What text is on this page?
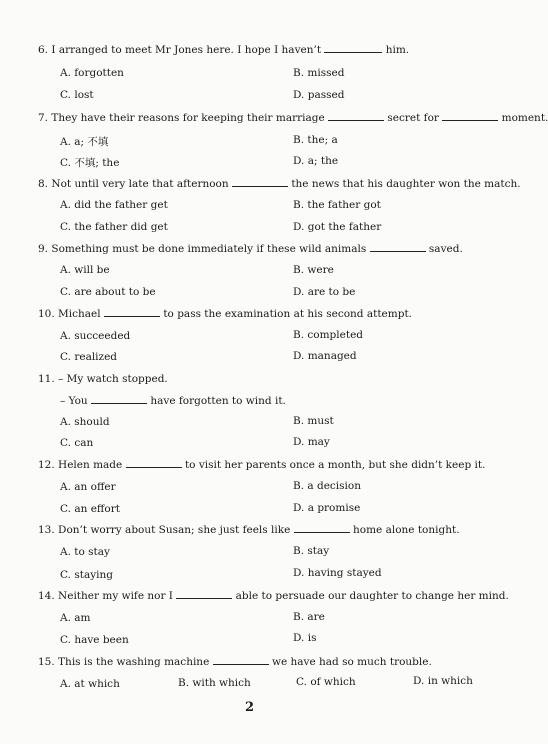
6. I arranged to meet Mr Jones here. I hope I haven’t	him.
A. forgotten	B. missed
C. lost	D. passed
7. They have their reasons for keeping their marriage	secret for	moment.
A. a; 不填	B. the; a
C. 不填; the	D. a; the
8. Not until very late that afternoon	the news that his daughter won the match.
A. did the father get	B. the father got
C. the father did get	D. got the father
9. Something must be done immediately if these wild animals	saved.
A. will be	B. were
C. are about to be	D. are to be
10. Michael	to pass the examination at his second attempt.
A. succeeded	B. completed
C. realized	D. managed
11. – My watch stopped.
– You	have forgotten to wind it.
A. should	B. must
C. can	D. may
12. Helen made	to visit her parents once a month, but she didn’t keep it.
A. an offer	B. a decision
C. an effort	D. a promise
13. Don’t worry about Susan; she just feels like	home alone tonight.
A. to stay	B. stay
C. staying	D. having stayed
14. Neither my wife nor I	able to persuade our daughter to change her mind.
A. am	B. are
C. have been	D. is
15. This is the washing machine	we have had so much trouble.
A. at which	B. with which	C. of which	D. in which
2
